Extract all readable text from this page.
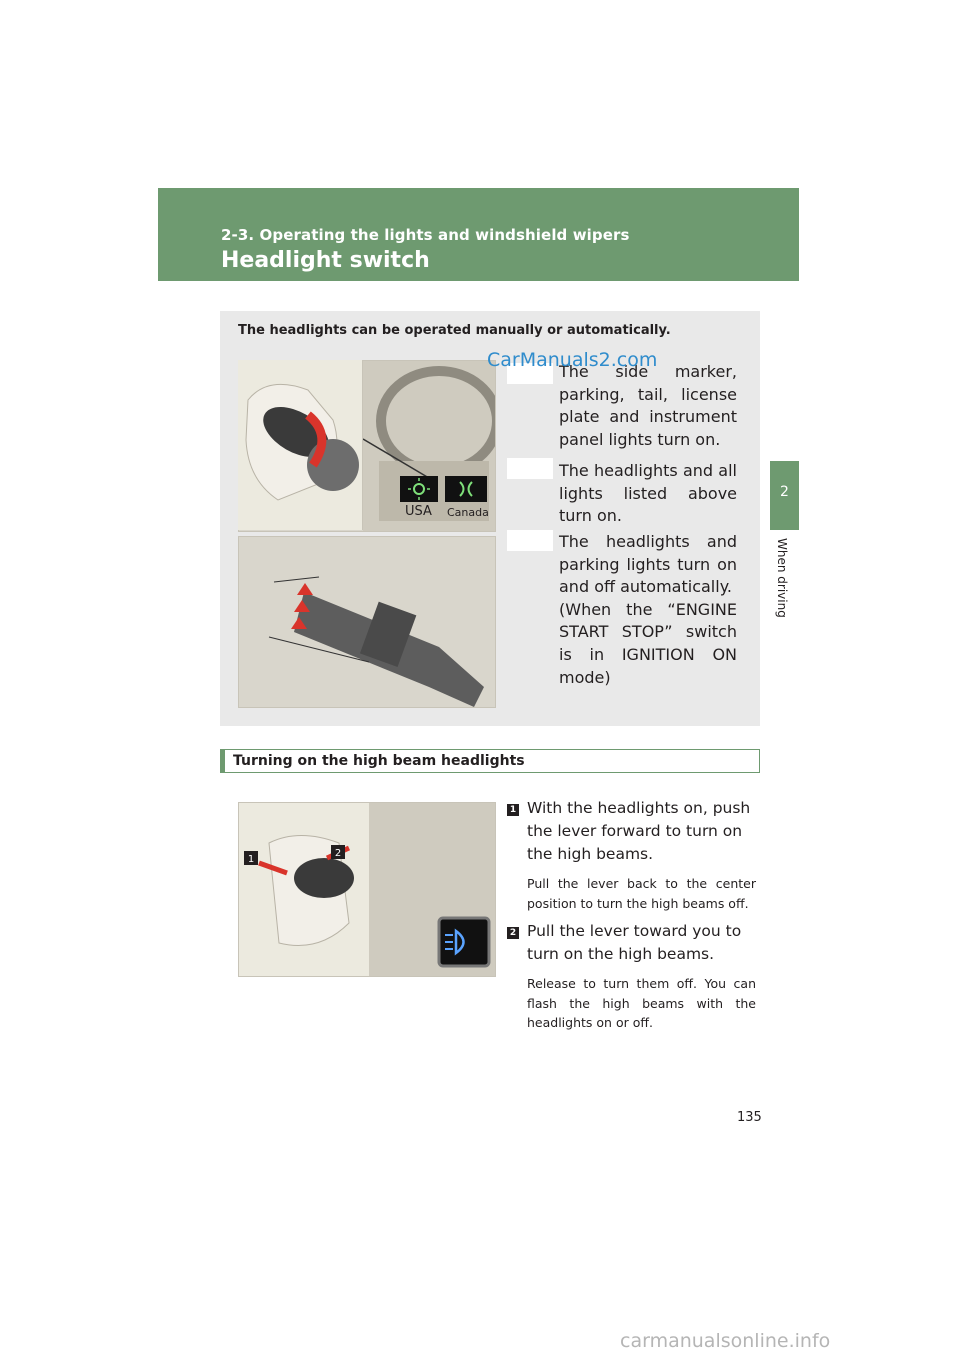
2-3. Operating the lights and windshield wipers
Headlight switch
2
When driving
The headlights can be operated manually or automatically.
USA Canada
The side marker, parking, tail, license plate and instrument panel lights turn on.
The headlights and all lights listed above turn on.

The headlights and parking lights turn on and off automatically.

(When the “ENGINE START STOP” switch is in IGNITION ON mode)

Turning on the high beam headlights
1
2
1 With the headlights on, push the lever forward to turn on the high beams.
Pull the lever back to the center position to turn the high beams off.
2 Pull the lever toward you to turn on the high beams.
Release to turn them off. You can flash the high beams with the headlights on or off.
135
CarManuals2.com
carmanualsonline.info
